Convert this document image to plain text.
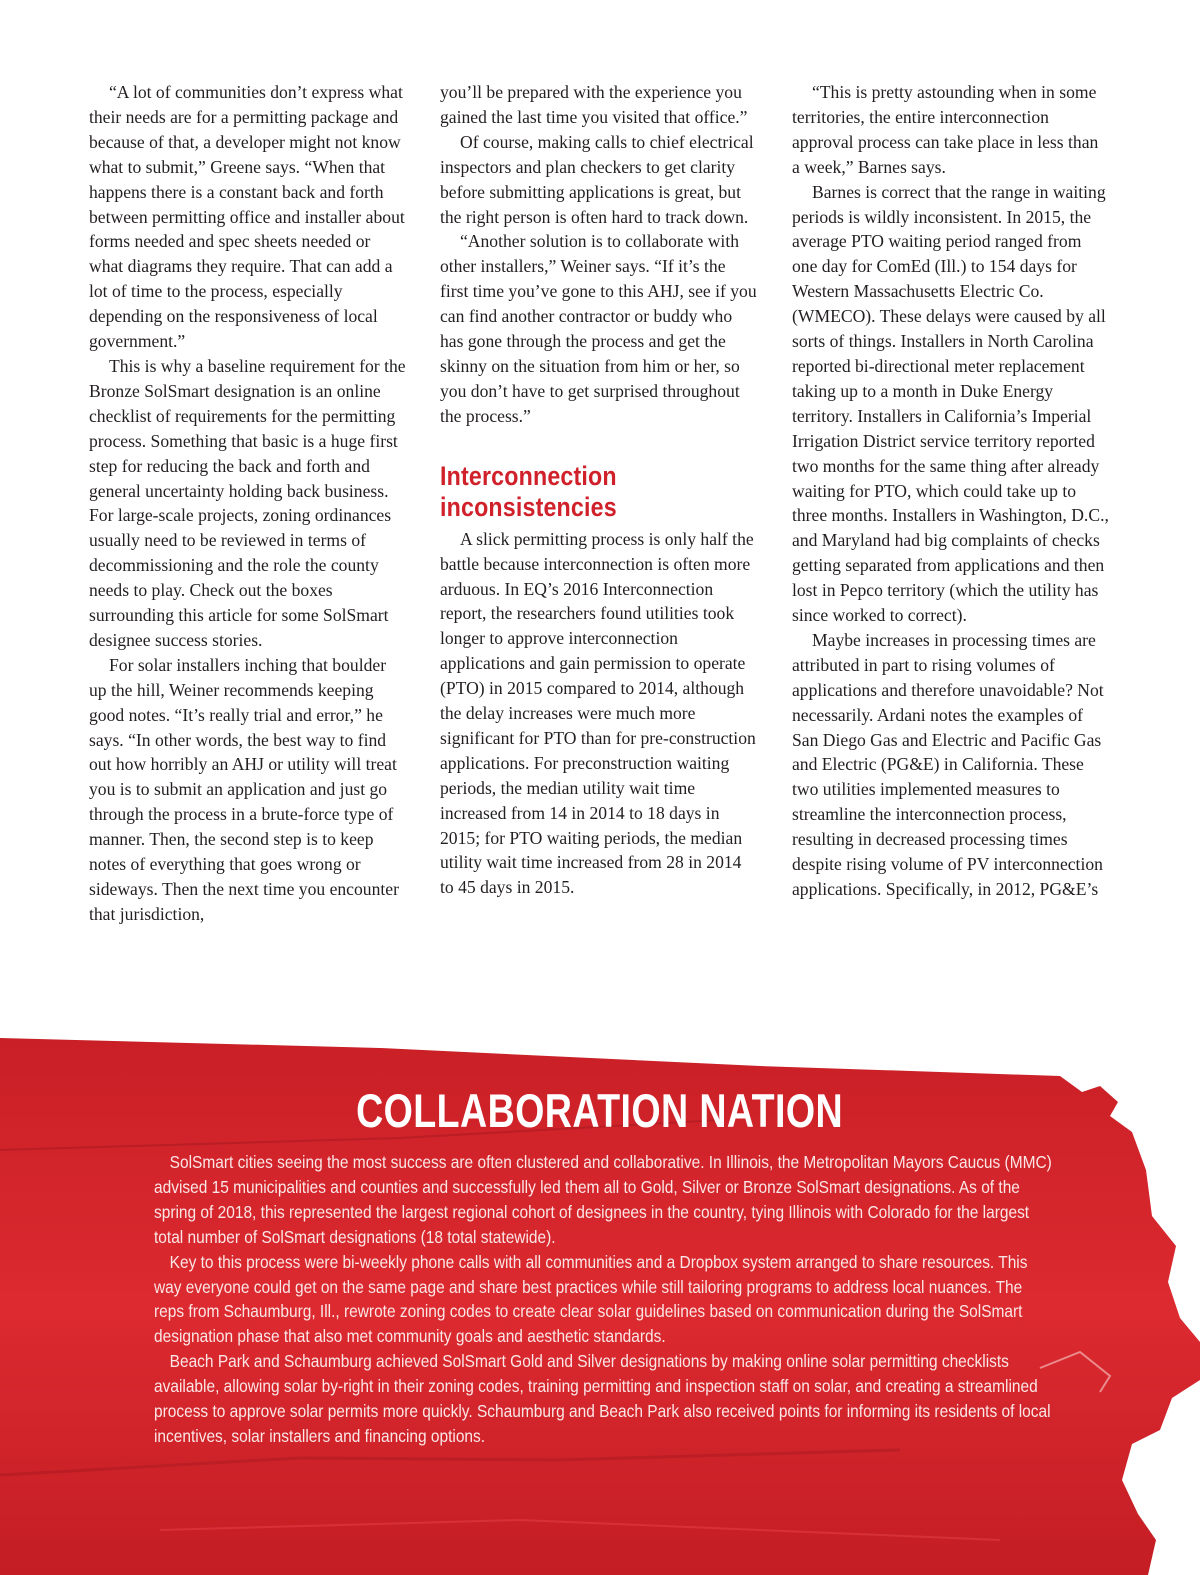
“A lot of communities don’t express what their needs are for a permitting package and because of that, a developer might not know what to submit,” Greene says. “When that happens there is a constant back and forth between permitting office and installer about forms needed and spec sheets needed or what diagrams they require. That can add a lot of time to the process, especially depending on the responsiveness of local government.”

This is why a baseline requirement for the Bronze SolSmart designation is an online checklist of requirements for the permitting process. Something that basic is a huge first step for reducing the back and forth and general uncertainty holding back business. For large-scale projects, zoning ordinances usually need to be reviewed in terms of decommissioning and the role the county needs to play. Check out the boxes surrounding this article for some SolSmart designee success stories.

For solar installers inching that boulder up the hill, Weiner recommends keeping good notes. “It’s really trial and error,” he says. “In other words, the best way to find out how horribly an AHJ or utility will treat you is to submit an application and just go through the process in a brute-force type of manner. Then, the second step is to keep notes of everything that goes wrong or sideways. Then the next time you encounter that jurisdiction,

you’ll be prepared with the experience you gained the last time you visited that office.”

Of course, making calls to chief electrical inspectors and plan checkers to get clarity before submitting applications is great, but the right person is often hard to track down.

“Another solution is to collaborate with other installers,” Weiner says. “If it’s the first time you’ve gone to this AHJ, see if you can find another contractor or buddy who has gone through the process and get the skinny on the situation from him or her, so you don’t have to get surprised throughout the process.”

Interconnection inconsistencies

A slick permitting process is only half the battle because interconnection is often more arduous. In EQ’s 2016 Interconnection report, the researchers found utilities took longer to approve interconnection applications and gain permission to operate (PTO) in 2015 compared to 2014, although the delay increases were much more significant for PTO than for pre-construction applications. For preconstruction waiting periods, the median utility wait time increased from 14 in 2014 to 18 days in 2015; for PTO waiting periods, the median utility wait time increased from 28 in 2014 to 45 days in 2015.

“This is pretty astounding when in some territories, the entire interconnection approval process can take place in less than a week,” Barnes says.

Barnes is correct that the range in waiting periods is wildly inconsistent. In 2015, the average PTO waiting period ranged from one day for ComEd (Ill.) to 154 days for Western Massachusetts Electric Co. (WMECO). These delays were caused by all sorts of things. Installers in North Carolina reported bi-directional meter replacement taking up to a month in Duke Energy territory. Installers in California’s Imperial Irrigation District service territory reported two months for the same thing after already waiting for PTO, which could take up to three months. Installers in Washington, D.C., and Maryland had big complaints of checks getting separated from applications and then lost in Pepco territory (which the utility has since worked to correct).

Maybe increases in processing times are attributed in part to rising volumes of applications and therefore unavoidable? Not necessarily. Ardani notes the examples of San Diego Gas and Electric and Pacific Gas and Electric (PG&E) in California. These two utilities implemented measures to streamline the interconnection process, resulting in decreased processing times despite rising volume of PV interconnection applications. Specifically, in 2012, PG&E’s

COLLABORATION NATION

SolSmart cities seeing the most success are often clustered and collaborative. In Illinois, the Metropolitan Mayors Caucus (MMC) advised 15 municipalities and counties and successfully led them all to Gold, Silver or Bronze SolSmart designations. As of the spring of 2018, this represented the largest regional cohort of designees in the country, tying Illinois with Colorado for the largest total number of SolSmart designations (18 total statewide).

Key to this process were bi-weekly phone calls with all communities and a Dropbox system arranged to share resources. This way everyone could get on the same page and share best practices while still tailoring programs to address local nuances. The reps from Schaumburg, Ill., rewrote zoning codes to create clear solar guidelines based on communication during the SolSmart designation phase that also met community goals and aesthetic standards.

Beach Park and Schaumburg achieved SolSmart Gold and Silver designations by making online solar permitting checklists available, allowing solar by-right in their zoning codes, training permitting and inspection staff on solar, and creating a streamlined process to approve solar permits more quickly. Schaumburg and Beach Park also received points for informing its residents of local incentives, solar installers and financing options.
